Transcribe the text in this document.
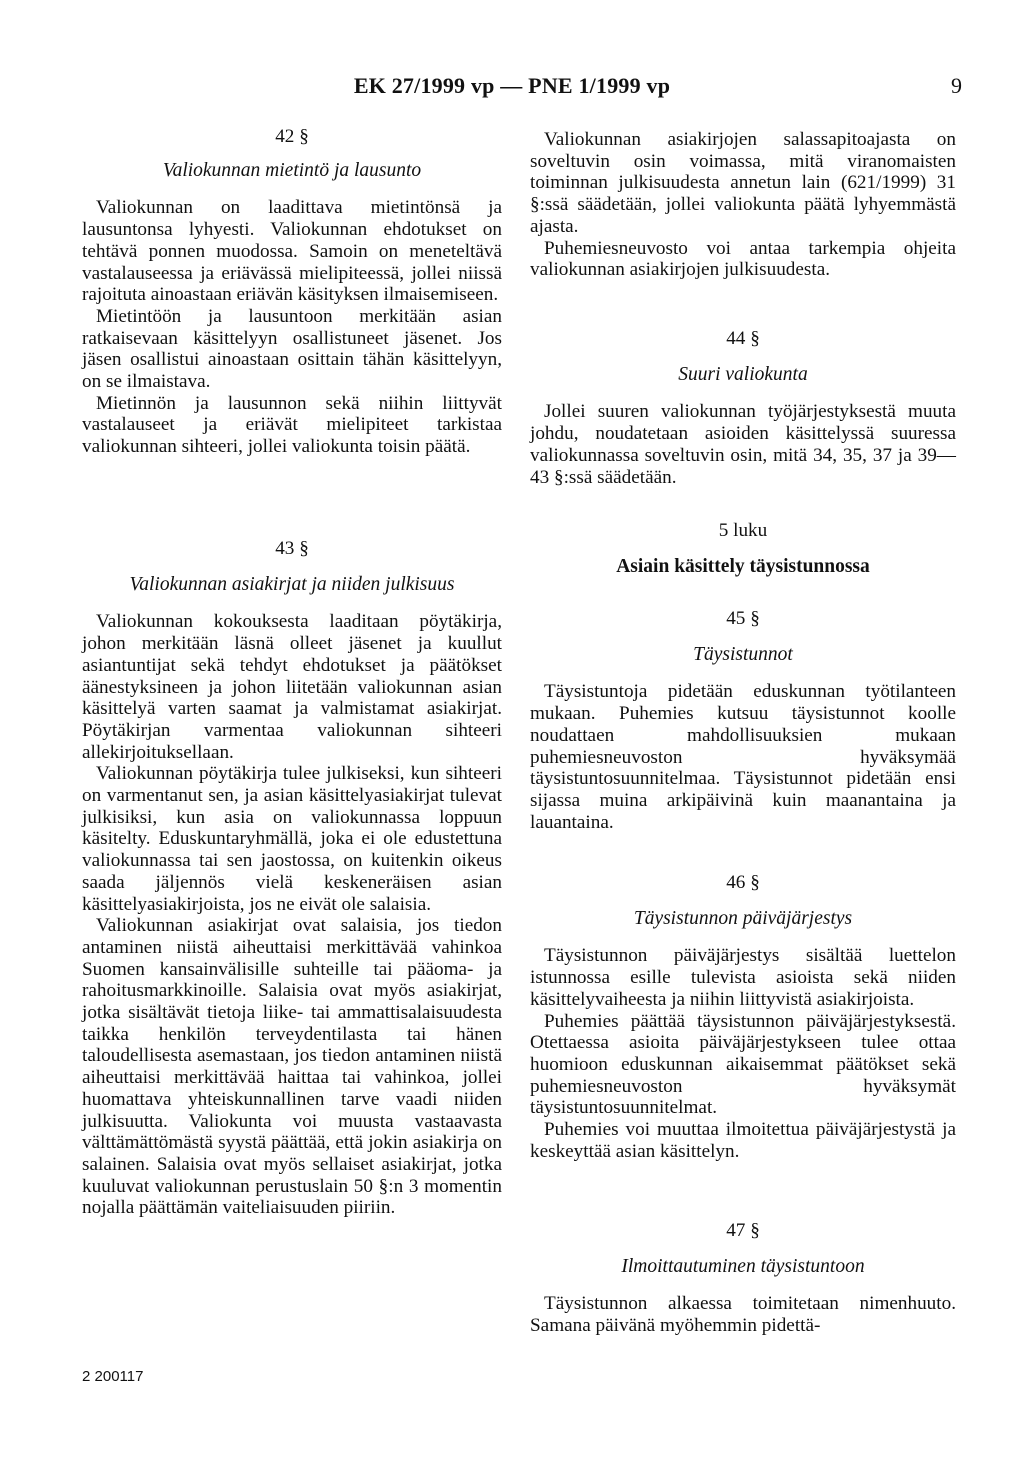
EK 27/1999 vp — PNE 1/1999 vp	9

42 §

Valiokunnan mietintö ja lausunto

Valiokunnan on laadittava mietintönsä ja lausuntonsa lyhyesti. Valiokunnan ehdotukset on tehtävä ponnen muodossa. Samoin on meneteltävä vastalauseessa ja eriävässä mielipiteessä, jollei niissä rajoituta ainoastaan eriävän käsityksen ilmaisemiseen.

Mietintöön ja lausuntoon merkitään asian ratkaisevaan käsittelyyn osallistuneet jäsenet. Jos jäsen osallistui ainoastaan osittain tähän käsittelyyn, on se ilmaistava.

Mietinnön ja lausunnon sekä niihin liittyvät vastalauseet ja eriävät mielipiteet tarkistaa valiokunnan sihteeri, jollei valiokunta toisin päätä.

43 §

Valiokunnan asiakirjat ja niiden julkisuus

Valiokunnan kokouksesta laaditaan pöytäkirja, johon merkitään läsnä olleet jäsenet ja kuullut asiantuntijat sekä tehdyt ehdotukset ja päätökset äänestyksineen ja johon liitetään valiokunnan asian käsittelyä varten saamat ja valmistamat asiakirjat. Pöytäkirjan varmentaa valiokunnan sihteeri allekirjoituksellaan.

Valiokunnan pöytäkirja tulee julkiseksi, kun sihteeri on varmentanut sen, ja asian käsittelyasiakirjat tulevat julkisiksi, kun asia on valiokunnassa loppuun käsitelty. Eduskuntaryhmällä, joka ei ole edustettuna valiokunnassa tai sen jaostossa, on kuitenkin oikeus saada jäljennös vielä keskeneräisen asian käsittelyasiakirjoista, jos ne eivät ole salaisia.

Valiokunnan asiakirjat ovat salaisia, jos tiedon antaminen niistä aiheuttaisi merkittävää vahinkoa Suomen kansainvälisille suhteille tai pääoma- ja rahoitusmarkkinoille. Salaisia ovat myös asiakirjat, jotka sisältävät tietoja liike- tai ammattisalaisuudesta taikka henkilön terveydentilasta tai hänen taloudellisesta asemastaan, jos tiedon antaminen niistä aiheuttaisi merkittävää haittaa tai vahinkoa, jollei huomattava yhteiskunnallinen tarve vaadi niiden julkisuutta. Valiokunta voi muusta vastaavasta välttämättömästä syystä päättää, että jokin asiakirja on salainen. Salaisia ovat myös sellaiset asiakirjat, jotka kuuluvat valiokunnan perustuslain 50 §:n 3 momentin nojalla päättämän vaiteliaisuuden piiriin.

Valiokunnan asiakirjojen salassapitoajasta on soveltuvin osin voimassa, mitä viranomaisten toiminnan julkisuudesta annetun lain (621/1999) 31 §:ssä säädetään, jollei valiokunta päätä lyhyemmästä ajasta.

Puhemiesneuvosto voi antaa tarkempia ohjeita valiokunnan asiakirjojen julkisuudesta.

44 §

Suuri valiokunta

Jollei suuren valiokunnan työjärjestyksestä muuta johdu, noudatetaan asioiden käsittelyssä suuressa valiokunnassa soveltuvin osin, mitä 34, 35, 37 ja 39—43 §:ssä säädetään.

5 luku

Asiain käsittely täysistunnossa

45 §

Täysistunnot

Täysistuntoja pidetään eduskunnan työtilanteen mukaan. Puhemies kutsuu täysistunnot koolle noudattaen mahdollisuuksien mukaan puhemiesneuvoston hyväksymää täysistuntosuunnitelmaa. Täysistunnot pidetään ensi sijassa muina arkipäivinä kuin maanantaina ja lauantaina.

46 §

Täysistunnon päiväjärjestys

Täysistunnon päiväjärjestys sisältää luettelon istunnossa esille tulevista asioista sekä niiden käsittelyvaiheesta ja niihin liittyvistä asiakirjoista.

Puhemies päättää täysistunnon päiväjärjestyksestä. Otettaessa asioita päiväjärjestykseen tulee ottaa huomioon eduskunnan aikaisemmat päätökset sekä puhemiesneuvoston hyväksymät täysistuntosuunnitelmat.

Puhemies voi muuttaa ilmoitettua päiväjärjestystä ja keskeyttää asian käsittelyn.

47 §

Ilmoittautuminen täysistuntoon

Täysistunnon alkaessa toimitetaan nimenhuuto. Samana päivänä myöhemmin pidettä-

2 200117
